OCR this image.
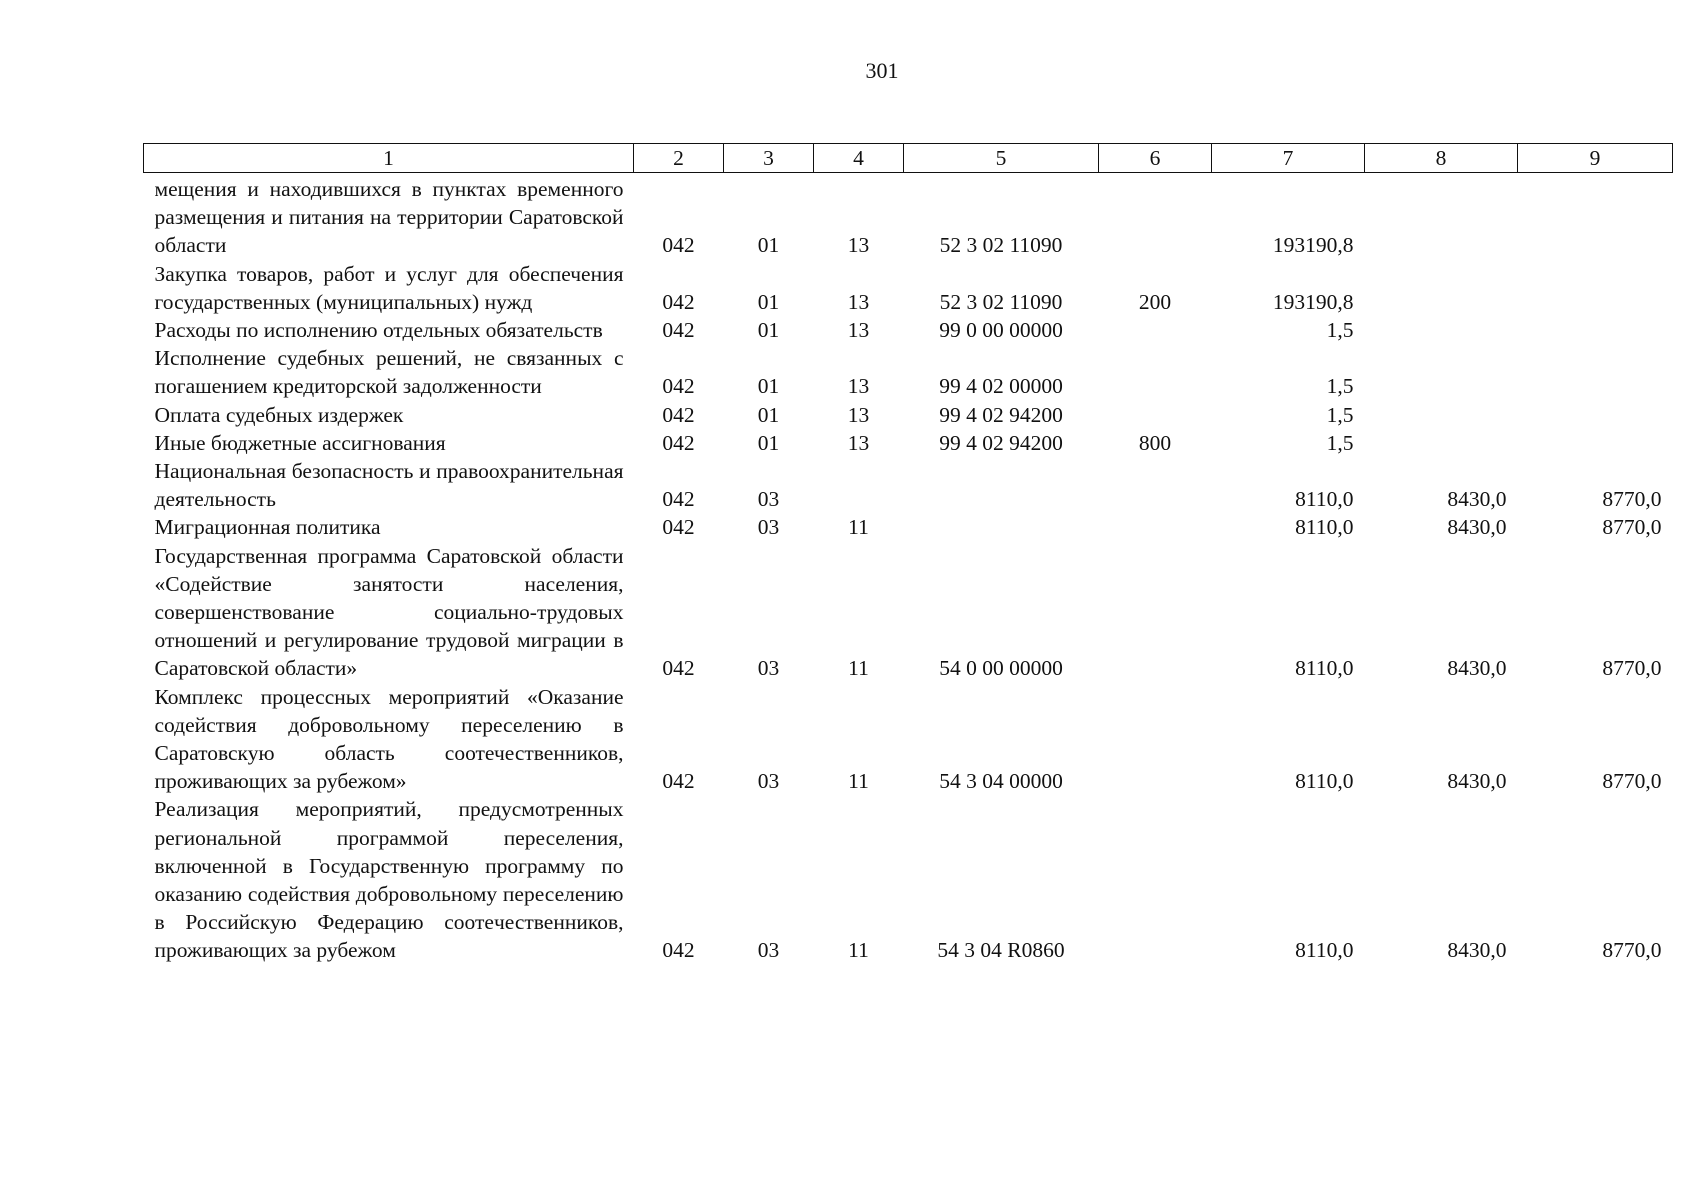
301
1	2	3	4	5	6	7	8	9
мещения и находившихся в пунктах временного размещения и питания на территории Саратовской области	042	01	13	52 3 02 11090		193190,8		
Закупка товаров, работ и услуг для обеспечения государственных (муниципальных) нужд	042	01	13	52 3 02 11090	200	193190,8		
Расходы по исполнению отдельных обязательств	042	01	13	99 0 00 00000		1,5		
Исполнение судебных решений, не связанных с погашением кредиторской задолженности	042	01	13	99 4 02 00000		1,5		
Оплата судебных издержек	042	01	13	99 4 02 94200		1,5		
Иные бюджетные ассигнования	042	01	13	99 4 02 94200	800	1,5		
Национальная безопасность и правоохранительная деятельность	042	03				8110,0	8430,0	8770,0
Миграционная политика	042	03	11			8110,0	8430,0	8770,0
Государственная программа Саратовской области «Содействие занятости населения, совершенствование социально-трудовых отношений и регулирование трудовой миграции в Саратовской области»	042	03	11	54 0 00 00000		8110,0	8430,0	8770,0
Комплекс процессных мероприятий «Оказание содействия добровольному переселению в Саратовскую область соотечественников, проживающих за рубежом»	042	03	11	54 3 04 00000		8110,0	8430,0	8770,0
Реализация мероприятий, предусмотренных региональной программой переселения, включенной в Государственную программу по оказанию содействия добровольному переселению в Российскую Федерацию соотeчественников, проживающих за рубежом	042	03	11	54 3 04 R0860		8110,0	8430,0	8770,0
